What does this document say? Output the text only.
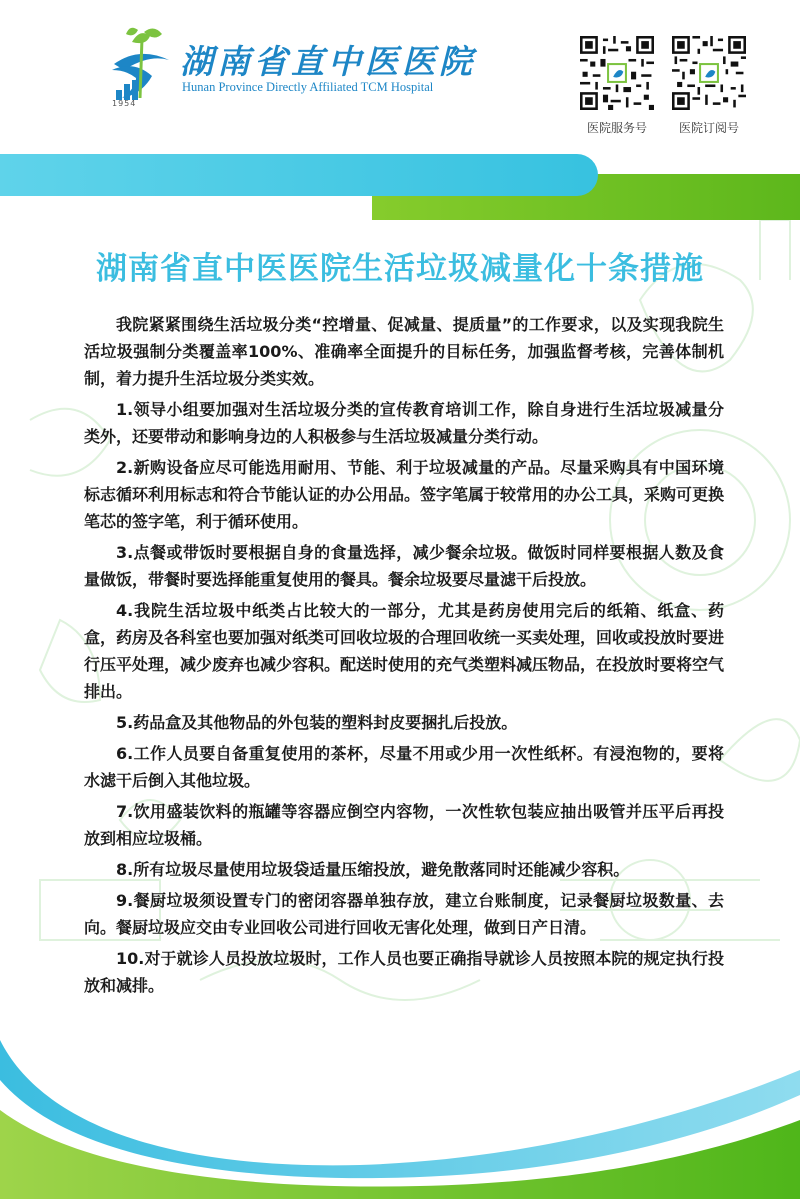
1954
湖南省直中医医院
Hunan Province Directly Affiliated TCM Hospital
医院服务号	医院订阅号
湖南省直中医医院生活垃圾减量化十条措施

我院紧紧围绕生活垃圾分类“控增量、促减量、提质量”的工作要求，以及实现我院生活垃圾强制分类覆盖率100%、准确率全面提升的目标任务，加强监督考核，完善体制机制，着力提升生活垃圾分类实效。

1.领导小组要加强对生活垃圾分类的宣传教育培训工作，除自身进行生活垃圾减量分类外，还要带动和影响身边的人积极参与生活垃圾减量分类行动。

2.新购设备应尽可能选用耐用、节能、利于垃圾减量的产品。尽量采购具有中国环境标志循环利用标志和符合节能认证的办公用品。签字笔属于较常用的办公工具，采购可更换笔芯的签字笔，利于循环使用。

3.点餐或带饭时要根据自身的食量选择，减少餐余垃圾。做饭时同样要根据人数及食量做饭，带餐时要选择能重复使用的餐具。餐余垃圾要尽量滤干后投放。

4.我院生活垃圾中纸类占比较大的一部分，尤其是药房使用完后的纸箱、纸盒、药盒，药房及各科室也要加强对纸类可回收垃圾的合理回收统一买卖处理，回收或投放时要进行压平处理，减少废弃也减少容积。配送时使用的充气类塑料减压物品，在投放时要将空气排出。

5.药品盒及其他物品的外包装的塑料封皮要捆扎后投放。

6.工作人员要自备重复使用的茶杯，尽量不用或少用一次性纸杯。有浸泡物的，要将水滤干后倒入其他垃圾。

7.饮用盛装饮料的瓶罐等容器应倒空内容物，一次性软包装应抽出吸管并压平后再投放到相应垃圾桶。

8.所有垃圾尽量使用垃圾袋适量压缩投放，避免散落同时还能减少容积。

9.餐厨垃圾须设置专门的密闭容器单独存放，建立台账制度，记录餐厨垃圾数量、去向。餐厨垃圾应交由专业回收公司进行回收无害化处理，做到日产日清。

10.对于就诊人员投放垃圾时，工作人员也要正确指导就诊人员按照本院的规定执行投放和减排。
